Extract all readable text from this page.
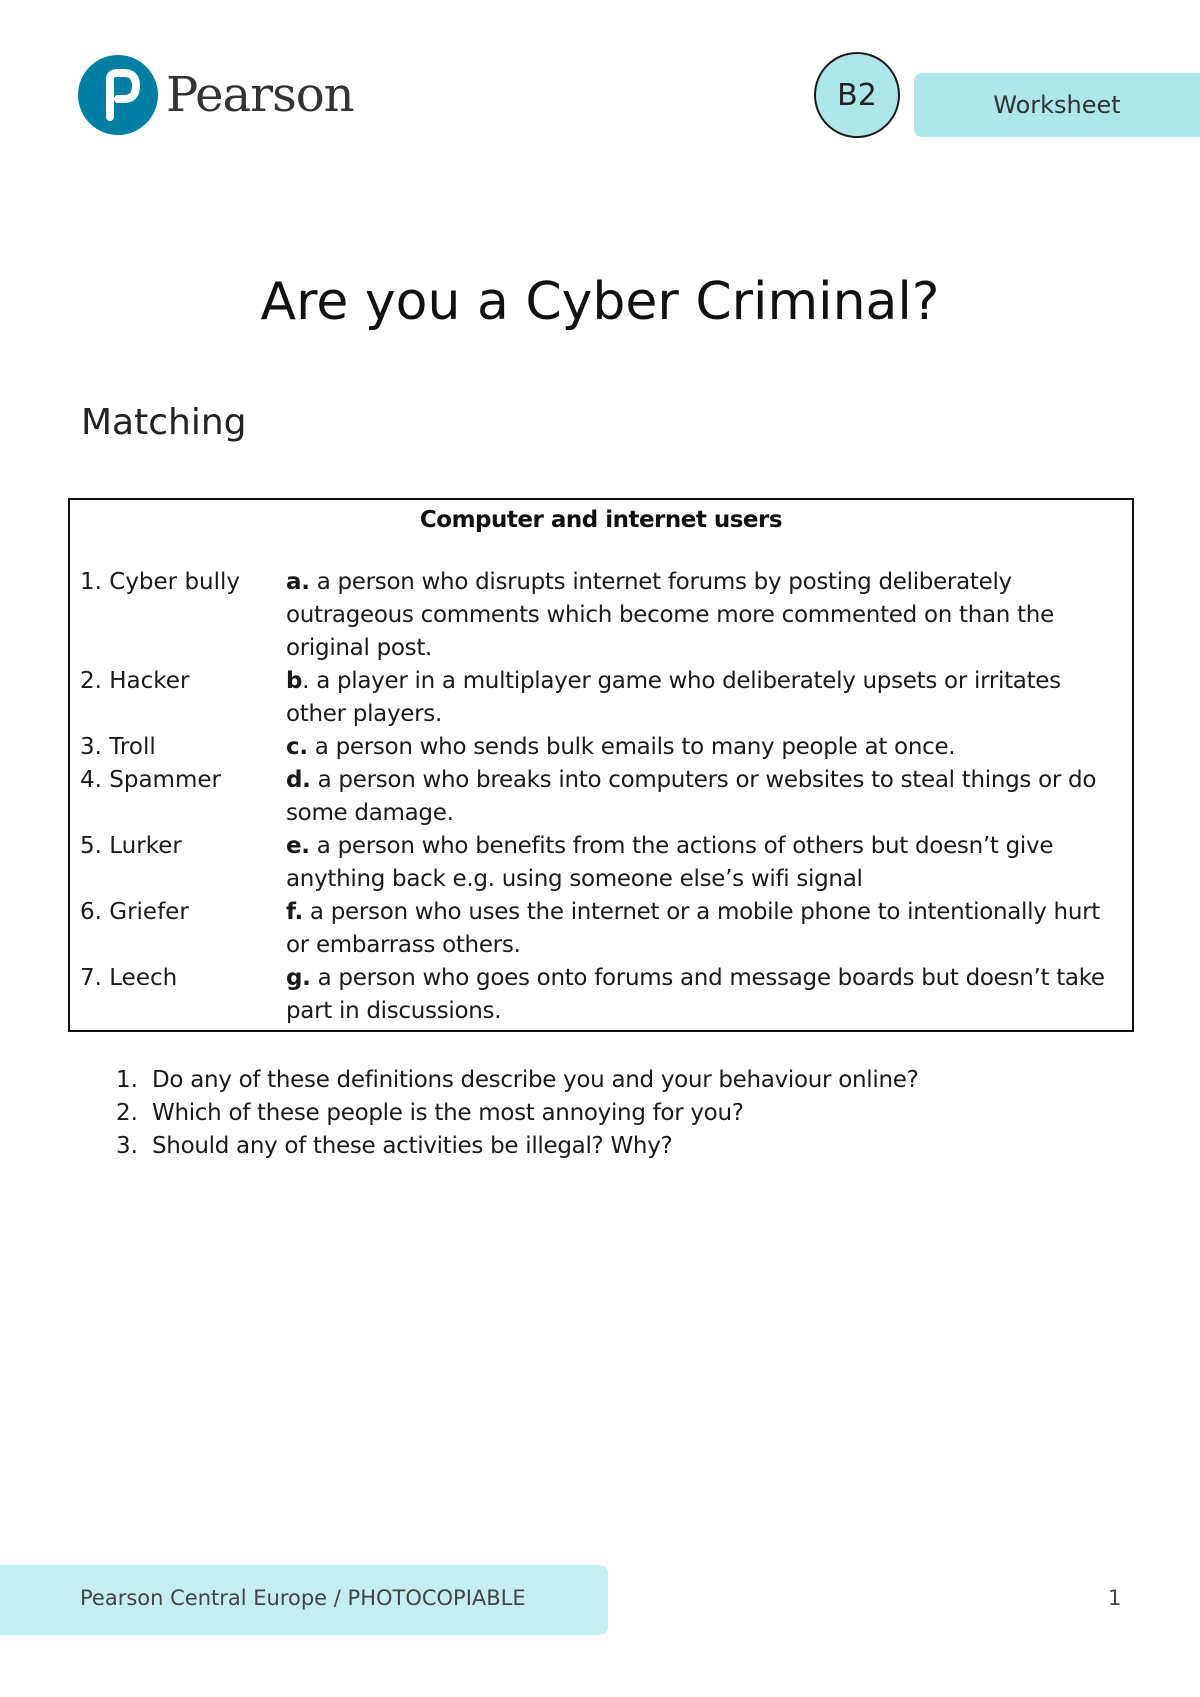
Pearson	B2	Worksheet
Are you a Cyber Criminal?
Matching
Computer and internet users
1. Cyber bully	a. a person who disrupts internet forums by posting deliberately outrageous comments which become more commented on than the original post.
2. Hacker	b. a player in a multiplayer game who deliberately upsets or irritates other players.
3. Troll	c. a person who sends bulk emails to many people at once.
4. Spammer	d. a person who breaks into computers or websites to steal things or do some damage.
5. Lurker	e. a person who benefits from the actions of others but doesn’t give anything back e.g. using someone else’s wifi signal
6. Griefer	f. a person who uses the internet or a mobile phone to intentionally hurt or embarrass others.
7. Leech	g. a person who goes onto forums and message boards but doesn’t take part in discussions.
1. Do any of these definitions describe you and your behaviour online?
2. Which of these people is the most annoying for you?
3. Should any of these activities be illegal? Why?
Pearson Central Europe / PHOTOCOPIABLE	1
